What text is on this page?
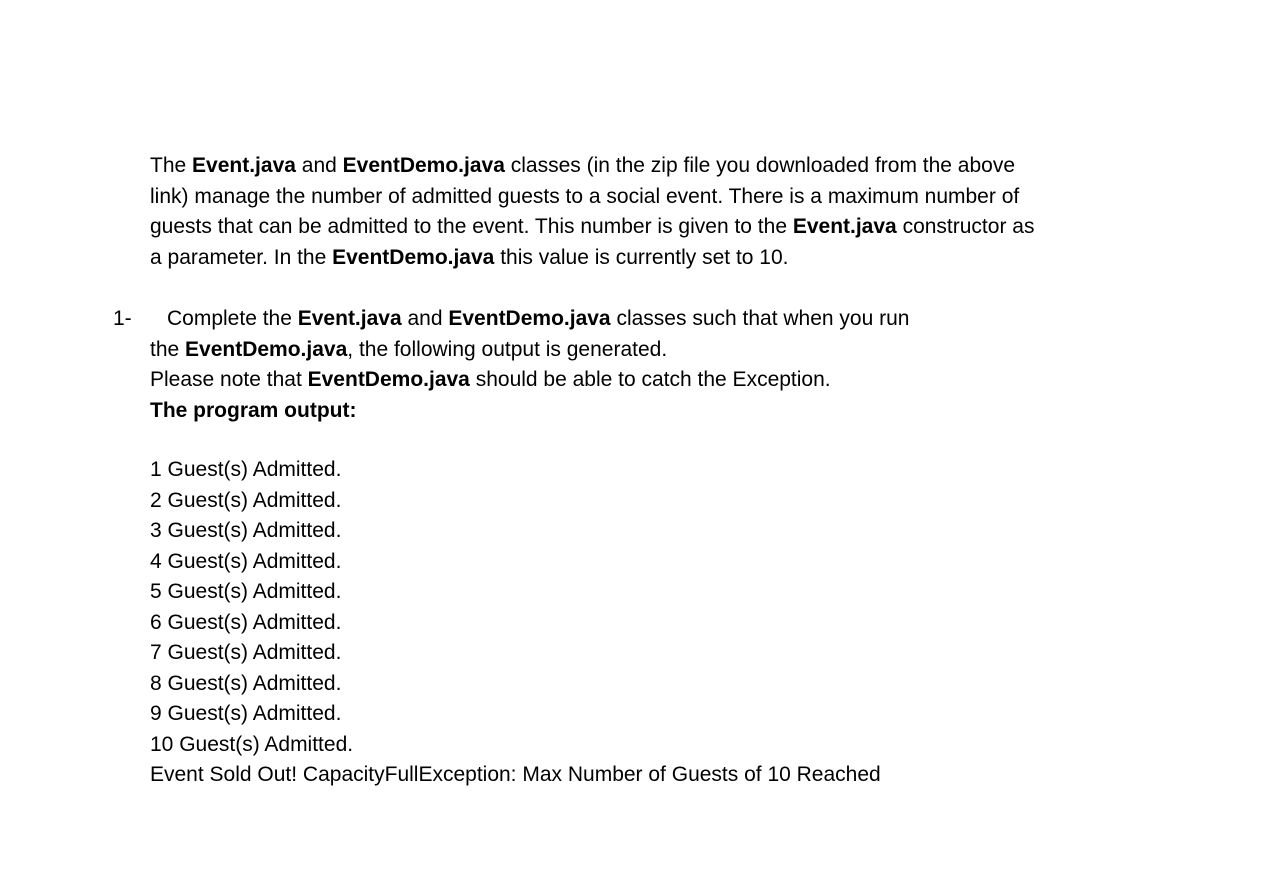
The Event.java and EventDemo.java classes (in the zip file you downloaded from the above
link) manage the number of admitted guests to a social event. There is a maximum number of
guests that can be admitted to the event. This number is given to the Event.java constructor as
a parameter. In the EventDemo.java this value is currently set to 10.
1- Complete the Event.java and EventDemo.java classes such that when you run
the EventDemo.java, the following output is generated.
Please note that EventDemo.java should be able to catch the Exception.
The program output:
1 Guest(s) Admitted.
2 Guest(s) Admitted.
3 Guest(s) Admitted.
4 Guest(s) Admitted.
5 Guest(s) Admitted.
6 Guest(s) Admitted.
7 Guest(s) Admitted.
8 Guest(s) Admitted.
9 Guest(s) Admitted.
10 Guest(s) Admitted.
Event Sold Out! CapacityFullException: Max Number of Guests of 10 Reached
